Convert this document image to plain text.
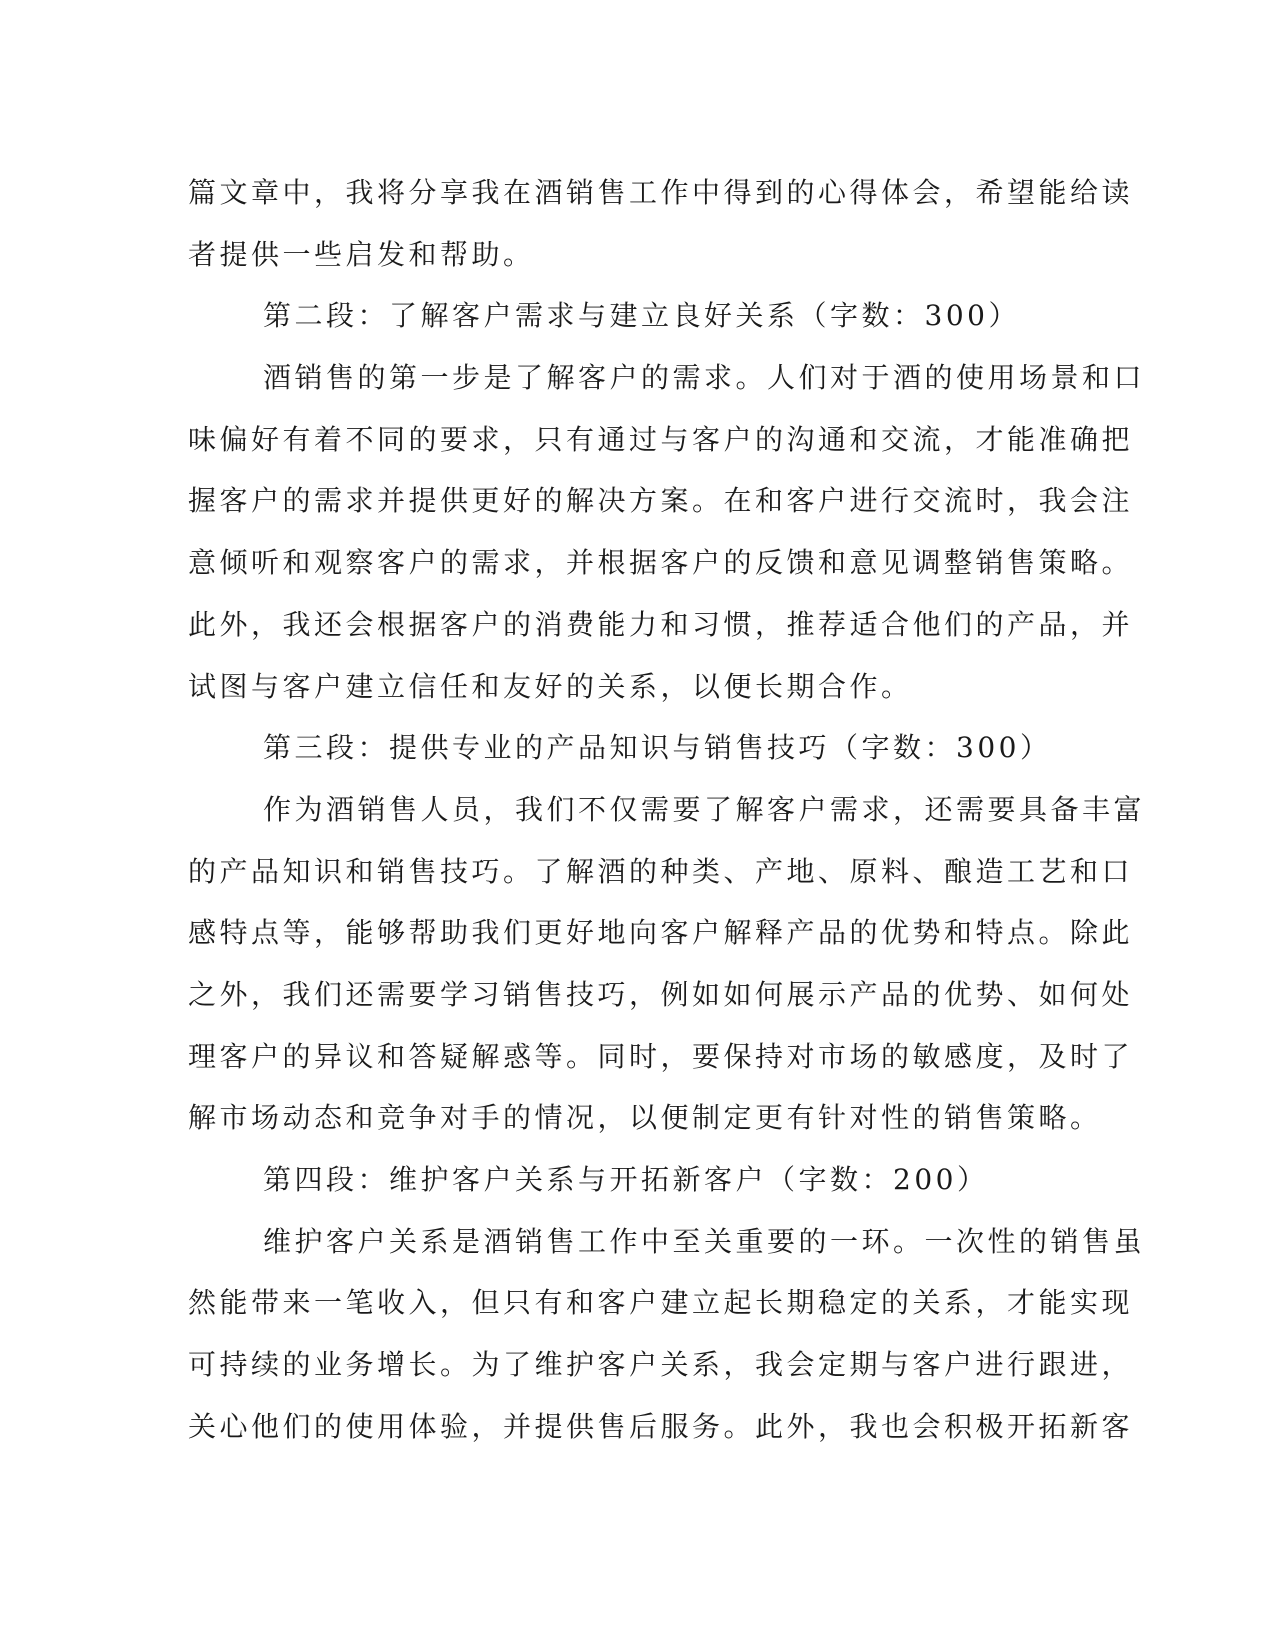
篇文章中，我将分享我在酒销售工作中得到的心得体会，希望能给读
者提供一些启发和帮助。
第二段：了解客户需求与建立良好关系（字数：300）
酒销售的第一步是了解客户的需求。人们对于酒的使用场景和口
味偏好有着不同的要求，只有通过与客户的沟通和交流，才能准确把
握客户的需求并提供更好的解决方案。在和客户进行交流时，我会注
意倾听和观察客户的需求，并根据客户的反馈和意见调整销售策略。
此外，我还会根据客户的消费能力和习惯，推荐适合他们的产品，并
试图与客户建立信任和友好的关系，以便长期合作。
第三段：提供专业的产品知识与销售技巧（字数：300）
作为酒销售人员，我们不仅需要了解客户需求，还需要具备丰富
的产品知识和销售技巧。了解酒的种类、产地、原料、酿造工艺和口
感特点等，能够帮助我们更好地向客户解释产品的优势和特点。除此
之外，我们还需要学习销售技巧，例如如何展示产品的优势、如何处
理客户的异议和答疑解惑等。同时，要保持对市场的敏感度，及时了
解市场动态和竞争对手的情况，以便制定更有针对性的销售策略。
第四段：维护客户关系与开拓新客户（字数：200）
维护客户关系是酒销售工作中至关重要的一环。一次性的销售虽
然能带来一笔收入，但只有和客户建立起长期稳定的关系，才能实现
可持续的业务增长。为了维护客户关系，我会定期与客户进行跟进，
关心他们的使用体验，并提供售后服务。此外，我也会积极开拓新客
